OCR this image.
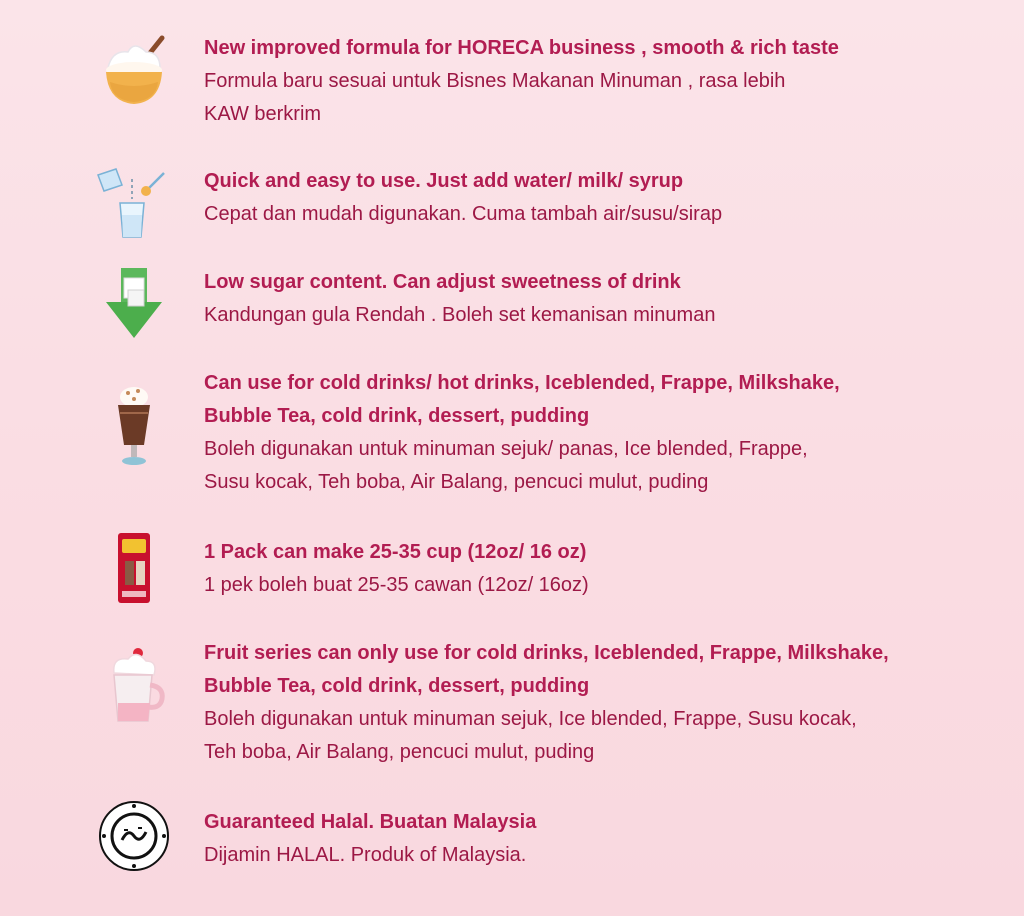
New improved formula for HORECA business , smooth & rich taste
Formula baru sesuai untuk Bisnes Makanan Minuman , rasa lebih
KAW berkrim
Quick and easy to use. Just add water/ milk/ syrup
Cepat dan mudah digunakan. Cuma tambah air/susu/sirap
Low sugar content. Can adjust sweetness of drink
Kandungan gula Rendah . Boleh set kemanisan minuman
Can use for cold drinks/ hot drinks, Iceblended, Frappe, Milkshake,
Bubble Tea, cold drink, dessert, pudding
Boleh digunakan untuk minuman sejuk/ panas, Ice blended, Frappe,
Susu kocak, Teh boba, Air Balang, pencuci mulut, puding
1 Pack can make 25-35 cup (12oz/ 16 oz)
1 pek boleh buat 25-35 cawan (12oz/ 16oz)
Fruit series can only use for cold drinks, Iceblended, Frappe, Milkshake,
Bubble Tea, cold drink, dessert, pudding
Boleh digunakan untuk minuman sejuk, Ice blended, Frappe, Susu kocak,
Teh boba, Air Balang, pencuci mulut, puding
Guaranteed Halal. Buatan Malaysia
Dijamin HALAL. Produk of Malaysia.
